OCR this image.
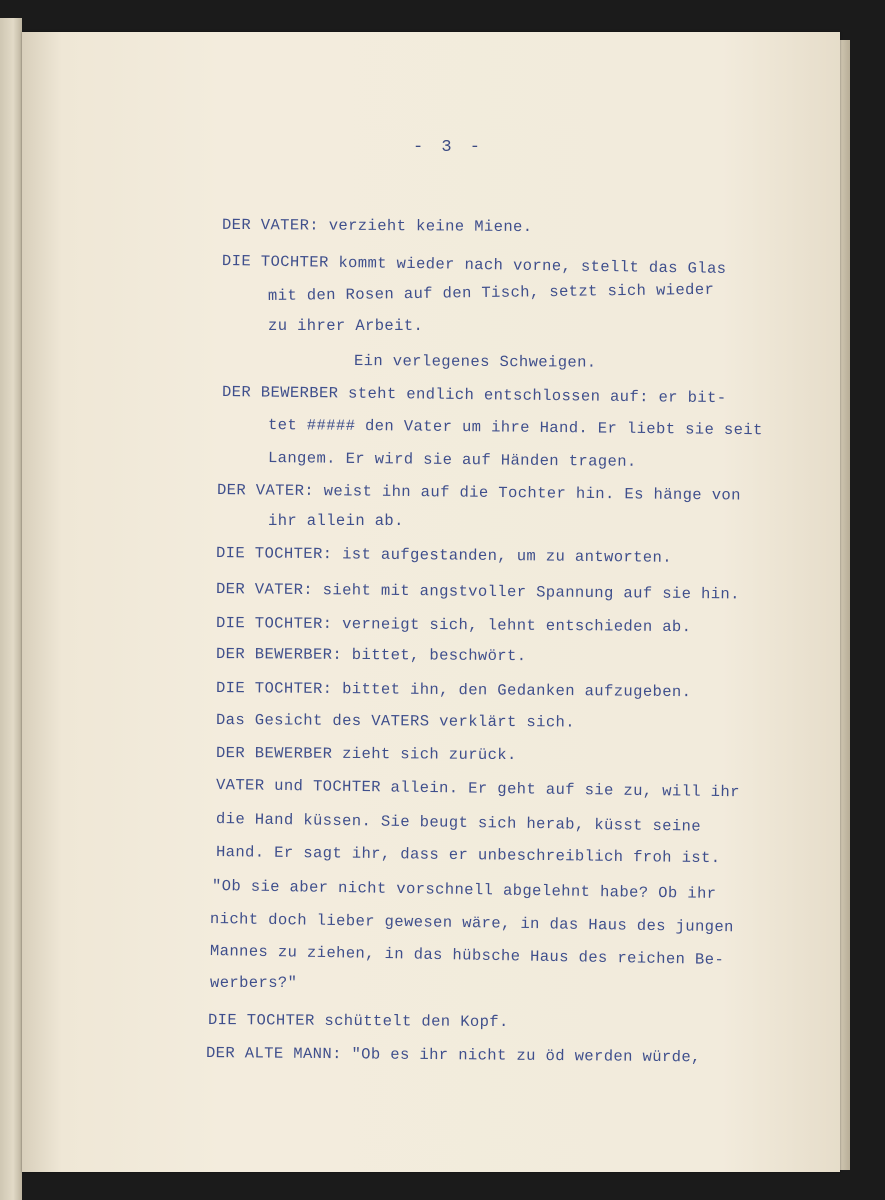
- 3 -
DER VATER: verzieht keine Miene.
DIE TOCHTER kommt wieder nach vorne, stellt das Glas
mit den Rosen auf den Tisch, setzt sich wieder
zu ihrer Arbeit.
Ein verlegenes Schweigen.
DER BEWERBER steht endlich entschlossen auf: er bit-
tet ##### den Vater um ihre Hand. Er liebt sie seit
Langem. Er wird sie auf Händen tragen.
DER VATER: weist ihn auf die Tochter hin. Es hänge von
ihr allein ab.
DIE TOCHTER: ist aufgestanden, um zu antworten.
DER VATER: sieht mit angstvoller Spannung auf sie hin.
DIE TOCHTER: verneigt sich, lehnt entschieden ab.
DER BEWERBER: bittet, beschwört.
DIE TOCHTER: bittet ihn, den Gedanken aufzugeben.
Das Gesicht des VATERS verklärt sich.
DER BEWERBER zieht sich zurück.
VATER und TOCHTER allein. Er geht auf sie zu, will ihr
die Hand küssen. Sie beugt sich herab, küsst seine
Hand. Er sagt ihr, dass er unbeschreiblich froh ist.
"Ob sie aber nicht vorschnell abgelehnt habe? Ob ihr
nicht doch lieber gewesen wäre, in das Haus des jungen
Mannes zu ziehen, in das hübsche Haus des reichen Be-
werbers?"
DIE TOCHTER schüttelt den Kopf.
DER ALTE MANN: "Ob es ihr nicht zu öd werden würde,
